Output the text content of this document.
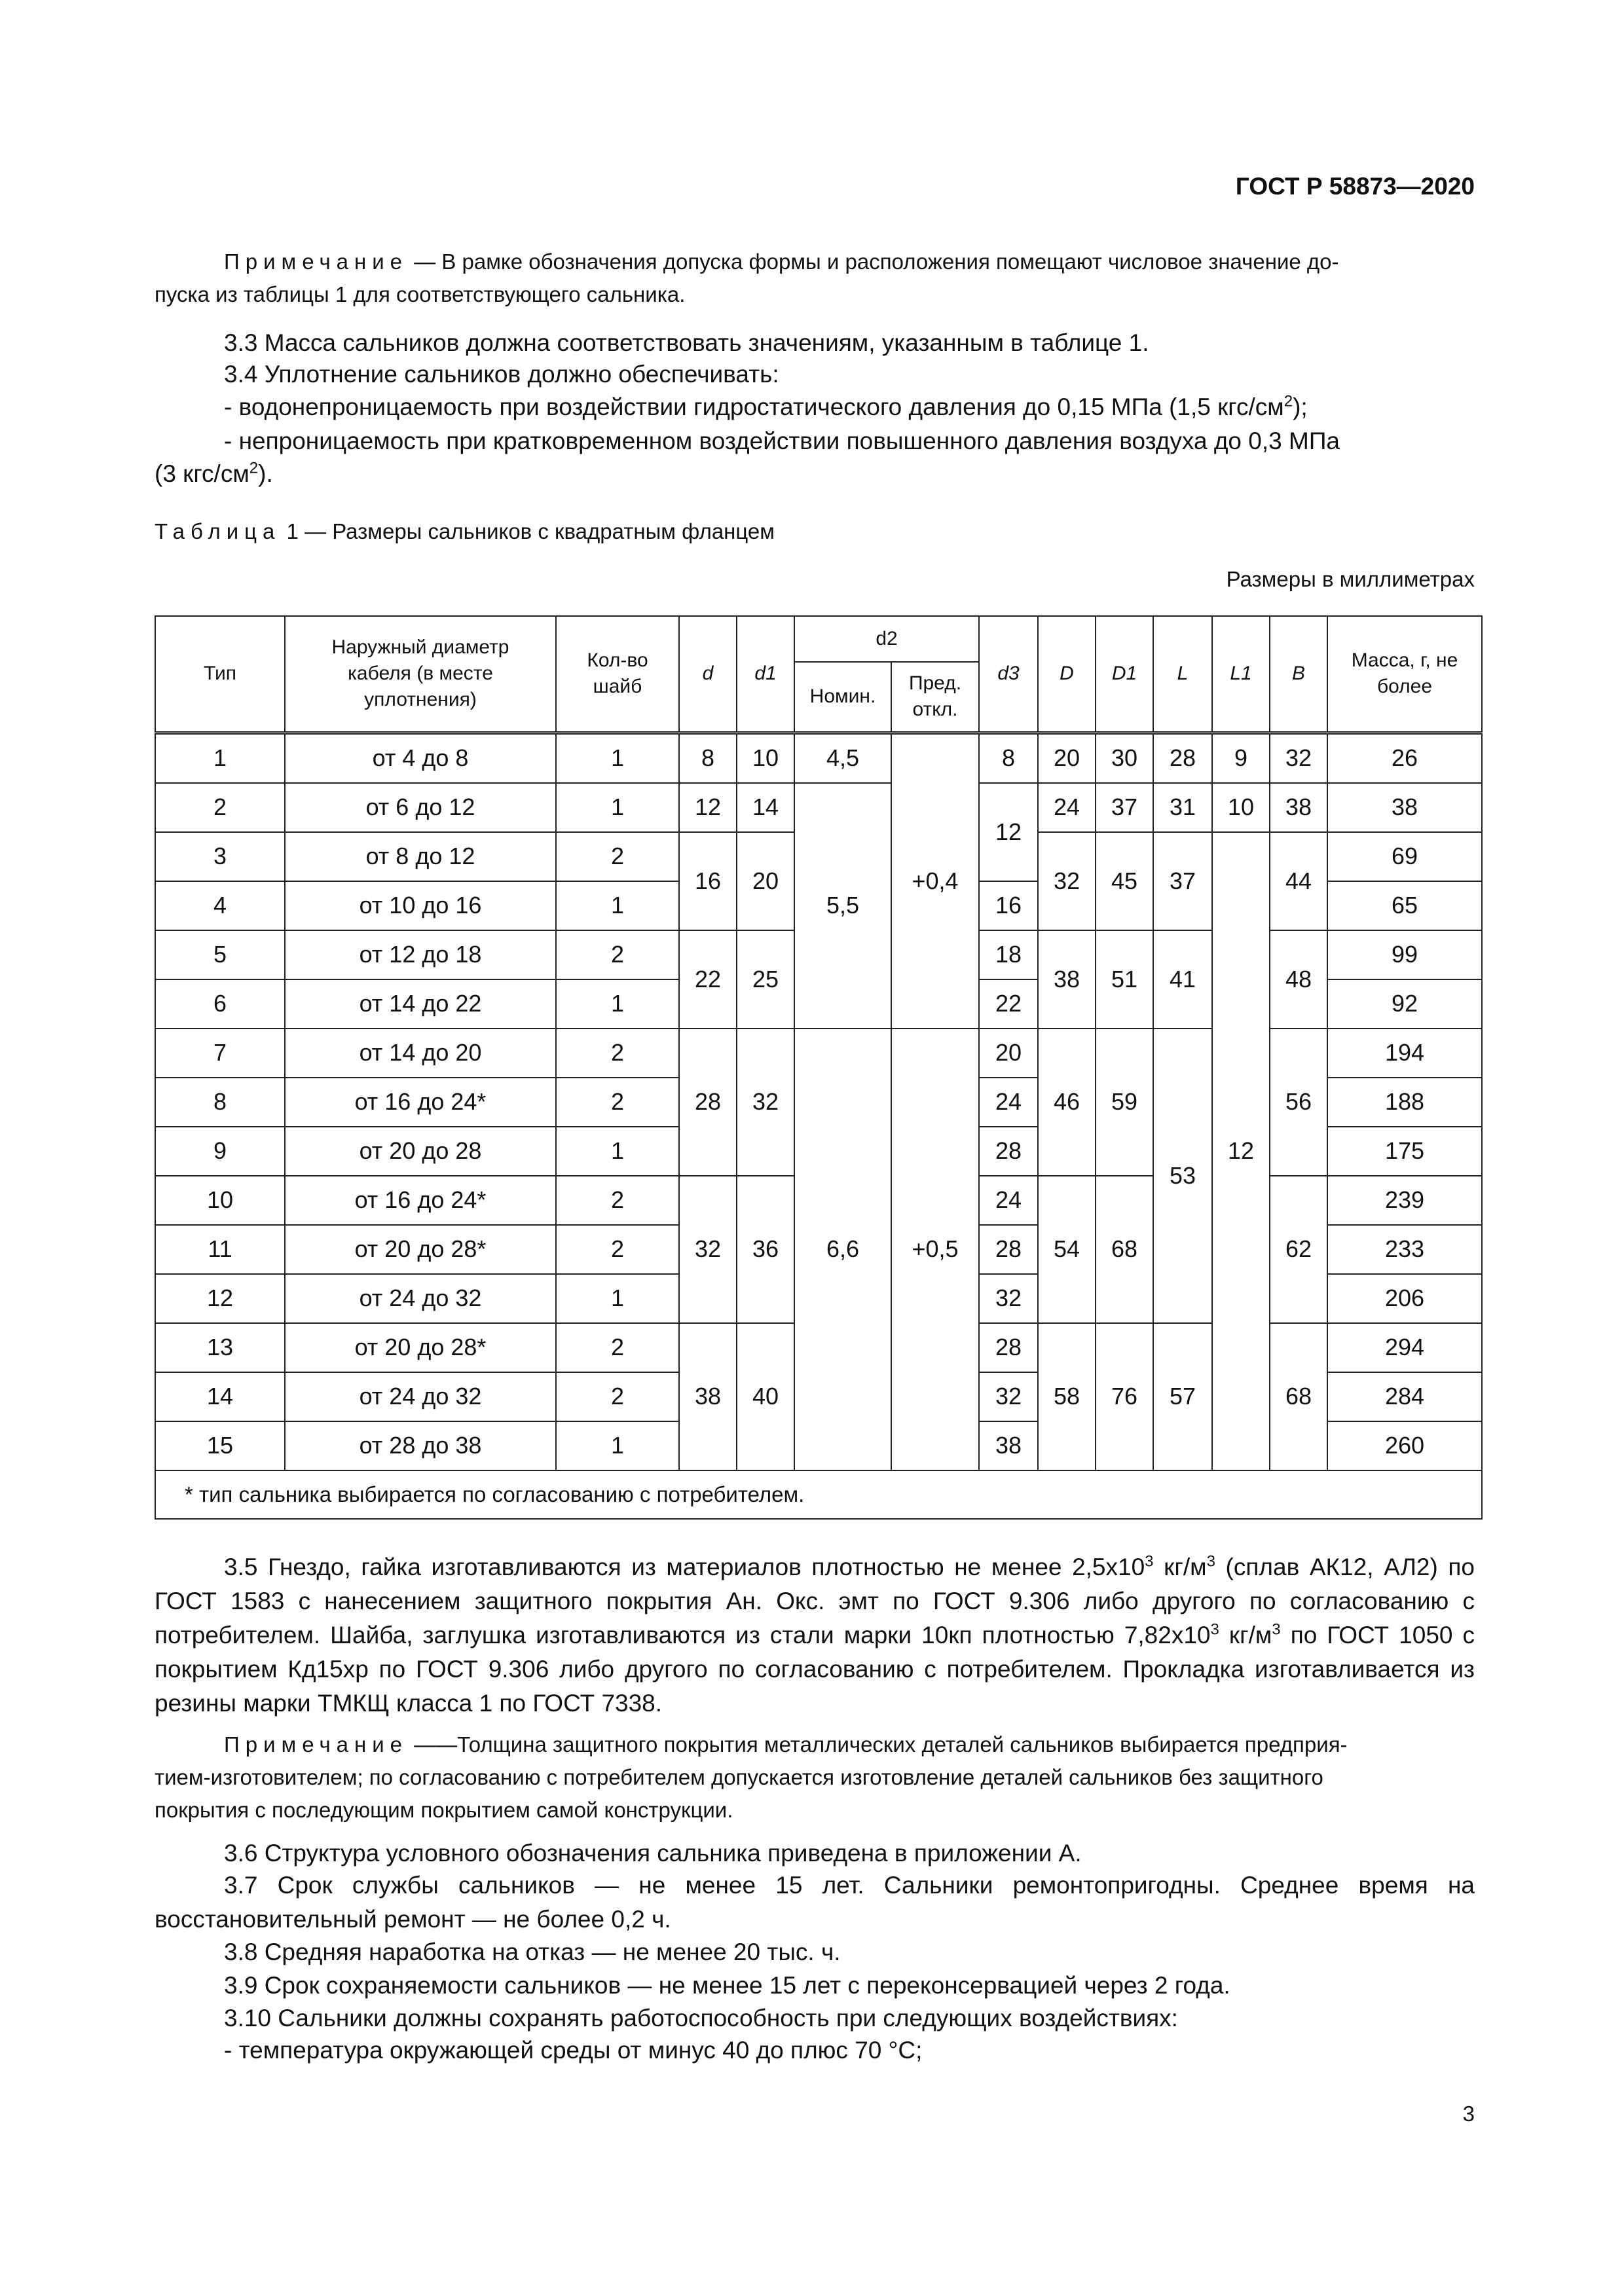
ГОСТ Р 58873—2020
Примечание — В рамке обозначения допуска формы и расположения помещают числовое значение до-
пуска из таблицы 1 для соответствующего сальника.
3.3 Масса сальников должна соответствовать значениям, указанным в таблице 1.
3.4 Уплотнение сальников должно обеспечивать:
- водонепроницаемость при воздействии гидростатического давления до 0,15 МПа (1,5 кгс/$см^2$);
- непроницаемость при кратковременном воздействии повышенного давления воздуха до 0,3 МПа
(3 кгс/$см^2$).
Таблица 1 — Размеры сальников с квадратным фланцем
Размеры в миллиметрах
Тип	Наружный диаметр кабеля (в месте уплотнения)	Кол-во шайб	d	d1	d2		d3	D	D1	L	L1	B	Масса, г, не более
					Номин.	Пред. откл.							
1	от 4 до 8	1	8	10	4,5	+0,4	8	20	30	28	9	32	26
2	от 6 до 12	1	12	14	5,5		12	24	37	31	10	38	38
3	от 8 до 12	2	16	20				32	45	37	12	44	69
4	от 10 до 16	1					16						65
5	от 12 до 18	2	22	25			18	38	51	41		48	99
6	от 14 до 22	1					22						92
7	от 14 до 20	2	28	32	6,6	+0,5	20	46	59	53		56	194
8	от 16 до 24*	2					24						188
9	от 20 до 28	1					28						175
10	от 16 до 24*	2	32	36			24	54	68			62	239
11	от 20 до 28*	2					28						233
12	от 24 до 32	1					32						206
13	от 20 до 28*	2	38	40			28	58	76	57		68	294
14	от 24 до 32	2					32						284
15	от 28 до 38	1					38						260
* тип сальника выбирается по согласованию с потребителем.													
3.5 Гнездо, гайка изготавливаются из материалов плотностью не менее $2,5х10^3$ $кг/м^3$ (сплав АК12, АЛ2) по ГОСТ 1583 с нанесением защитного покрытия Ан. Окс. эмт по ГОСТ 9.306 либо другого по согласованию с потребителем. Шайба, заглушка изготавливаются из стали марки 10кп плотностью $7,82х10^3$ $кг/м^3$ по ГОСТ 1050 с покрытием Кд15хр по ГОСТ 9.306 либо другого по согласованию с потребителем. Прокладка изготавливается из резины марки ТМКЩ класса 1 по ГОСТ 7338.
Примечание ——Толщина защитного покрытия металлических деталей сальников выбирается предприя-
тием-изготовителем; по согласованию с потребителем допускается изготовление деталей сальников без защитного
покрытия с последующим покрытием самой конструкции.
3.6 Структура условного обозначения сальника приведена в приложении А.
3.7 Срок службы сальников — не менее 15 лет. Сальники ремонтопригодны. Среднее время на восстановительный ремонт — не более 0,2 ч.
3.8 Средняя наработка на отказ — не менее 20 тыс. ч.
3.9 Срок сохраняемости сальников — не менее 15 лет с переконсервацией через 2 года.
3.10 Сальники должны сохранять работоспособность при следующих воздействиях:
- температура окружающей среды от минус 40 до плюс 70 °С;
3
